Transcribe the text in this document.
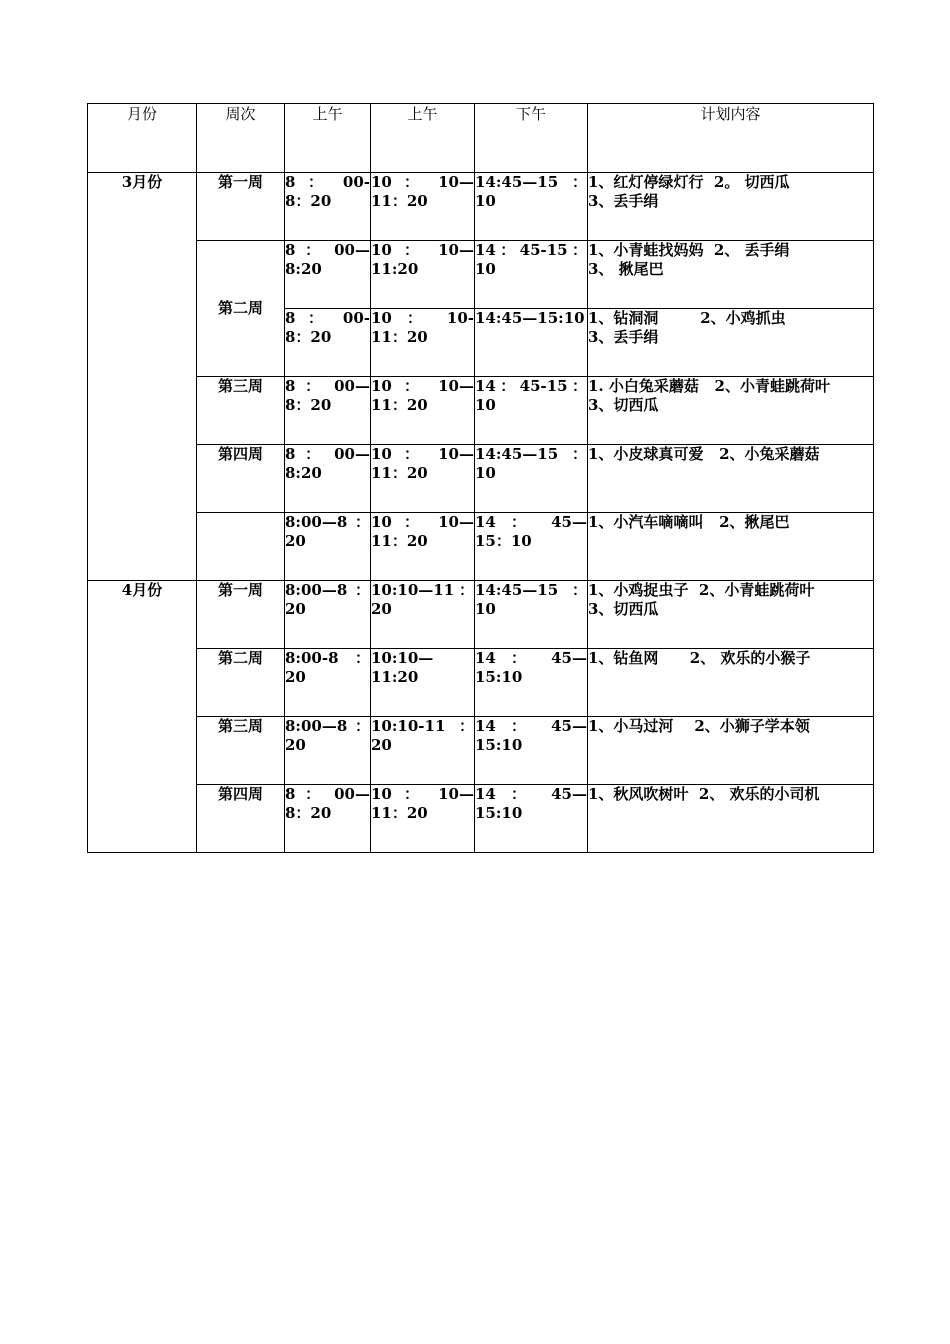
月份	周次	上午	上午	下午	计划内容
3月份	第一周	8 ： 00-8：20	10 ： 10—11：20	14:45—15 ：10	1、红灯停绿灯行  2。 切西瓜
3、丢手绢

	第二周	8 ： 00—8:20	10 ： 10—11:20	14：45-15：10	1、小青蛙找妈妈  2、 丢手绢
3、 揪尾巴

		8 ： 00-8：20	10 ： 10-11：20	14:45—15:10	1、钻洞洞        2、小鸡抓虫
3、丢手绢

	第三周	8 ： 00—8：20	10 ： 10—11：20	14：45-15：10	1. 小白兔采蘑菇   2、小青蛙跳荷叶
3、切西瓜

	第四周	8 ： 00—8:20	10 ： 10—11：20	14:45—15 ：10	1、小皮球真可爱   2、小兔采蘑菇

		8:00—8：20	10 ： 10—11：20	14 ： 45—15：10	1、小汽车嘀嘀叫   2、揪尾巴

4月份	第一周	8:00—8：20	10:10—11：20	14:45—15 ：10	1、小鸡捉虫子  2、小青蛙跳荷叶
3、切西瓜

	第二周	8:00-8 ：20	10:10—11:20	14 ： 45—15:10	1、钻鱼网      2、 欢乐的小猴子

	第三周	8:00—8：20	10:10-11 ：20	14 ： 45—15:10	1、小马过河    2、小狮子学本领

	第四周	8 ： 00—8：20	10 ： 10—11：20	14 ： 45—15:10	1、秋风吹树叶  2、 欢乐的小司机
